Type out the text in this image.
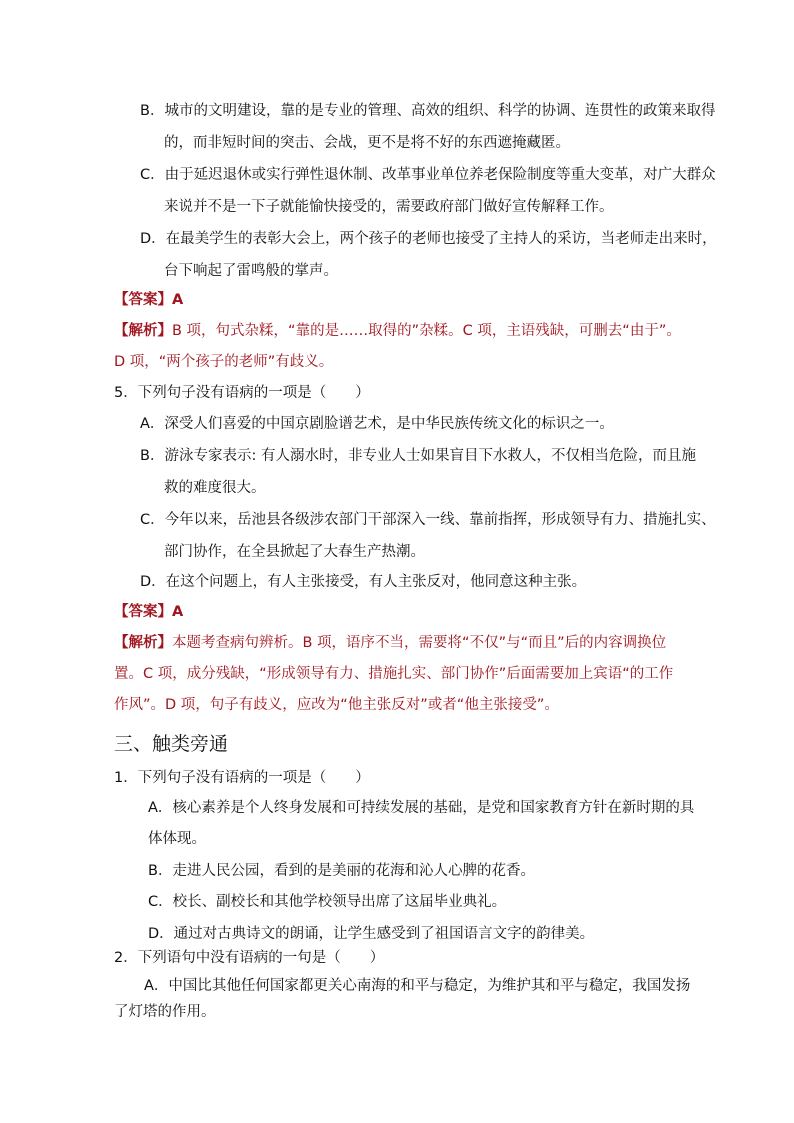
B．城市的文明建设，靠的是专业的管理、高效的组织、科学的协调、连贯性的政策来取得
的，而非短时间的突击、会战，更不是将不好的东西遮掩藏匿。
C．由于延迟退休或实行弹性退休制、改革事业单位养老保险制度等重大变革，对广大群众
来说并不是一下子就能愉快接受的，需要政府部门做好宣传解释工作。
D．在最美学生的表彰大会上，两个孩子的老师也接受了主持人的采访，当老师走出来时，
台下响起了雷鸣般的掌声。
【答案】A
【解析】B 项，句式杂糅，“靠的是……取得的”杂糅。C 项，主语残缺，可删去“由于”。
D 项，“两个孩子的老师”有歧义。
5．下列句子没有语病的一项是（　　）
A．深受人们喜爱的中国京剧脸谱艺术，是中华民族传统文化的标识之一。
B．游泳专家表示: 有人溺水时，非专业人士如果盲目下水救人，不仅相当危险，而且施
救的难度很大。
C．今年以来，岳池县各级涉农部门干部深入一线、靠前指挥，形成领导有力、措施扎实、
部门协作，在全县掀起了大春生产热潮。
D．在这个问题上，有人主张接受，有人主张反对，他同意这种主张。
【答案】A
【解析】本题考查病句辨析。B 项，语序不当，需要将“不仅”与“而且”后的内容调换位
置。C 项，成分残缺，“形成领导有力、措施扎实、部门协作”后面需要加上宾语“的工作
作风”。D 项，句子有歧义，应改为“他主张反对”或者“他主张接受”。
三、触类旁通
1．下列句子没有语病的一项是（　　）
A．核心素养是个人终身发展和可持续发展的基础，是党和国家教育方针在新时期的具
体体现。
B．走进人民公园，看到的是美丽的花海和沁人心脾的花香。
C．校长、副校长和其他学校领导出席了这届毕业典礼。
D．通过对古典诗文的朗诵，让学生感受到了祖国语言文字的韵律美。
2．下列语句中没有语病的一句是（　　）
A．中国比其他任何国家都更关心南海的和平与稳定，为维护其和平与稳定，我国发扬
了灯塔的作用。
